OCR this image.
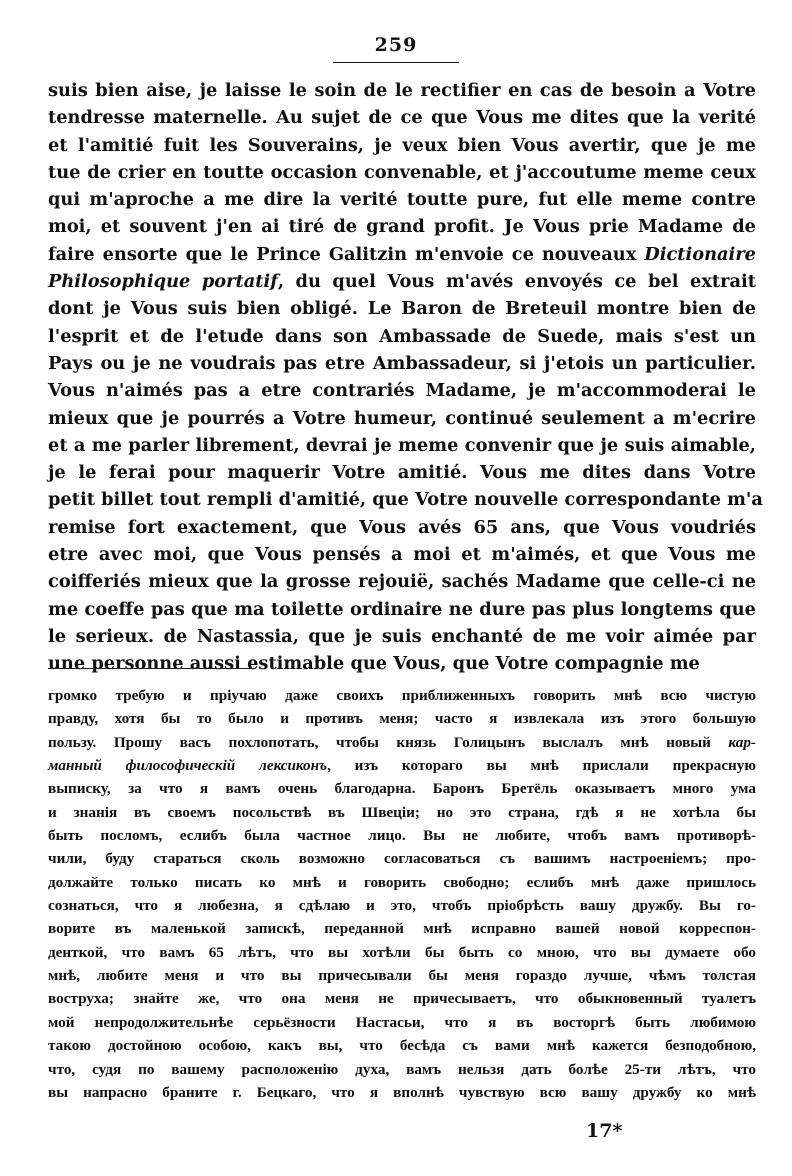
259
suis bien aise, je laisse le soin de le rectifier en cas de besoin a Votre
tendresse maternelle. Au sujet de ce que Vous me dites que la verité
et l'amitié fuit les Souverains, je veux bien Vous avertir, que je me
tue de crier en toutte occasion convenable, et j'accoutume meme ceux
qui m'aproche a me dire la verité toutte pure, fut elle meme contre
moi, et souvent j'en ai tiré de grand profit. Je Vous prie Madame de
faire ensorte que le Prince Galitzin m'envoie ce nouveaux Dictionaire
Philosophique portatif, du quel Vous m'avés envoyés ce bel extrait
dont je Vous suis bien obligé. Le Baron de Breteuil montre bien de
l'esprit et de l'etude dans son Ambassade de Suede, mais s'est un
Pays ou je ne voudrais pas etre Ambassadeur, si j'etois un particulier.
Vous n'aimés pas a etre contrariés Madame, je m'accommoderai le
mieux que je pourrés a Votre humeur, continué seulement a m'ecrire
et a me parler librement, devrai je meme convenir que je suis aimable,
je le ferai pour maquerir Votre amitié. Vous me dites dans Votre
petit billet tout rempli d'amitié, que Votre nouvelle correspondante m'a
remise fort exactement, que Vous avés 65 ans, que Vous voudriés
etre avec moi, que Vous pensés a moi et m'aimés, et que Vous me
coifferiés mieux que la grosse rejouië, sachés Madame que celle-ci ne
me coeffe pas que ma toilette ordinaire ne dure pas plus longtems que
le serieux. de Nastassia, que je suis enchanté de me voir aimée par
une personne aussi estimable que Vous, que Votre compagnie me
громко требую и пріучаю даже своихъ приближенныхъ говорить мнѣ всю чистую
правду, хотя бы то было и противъ меня; часто я извлекала изъ этого большую
пользу. Прошу васъ похлопотать, чтобы князь Голицынъ выслалъ мнѣ новый кар-
манный философическій лексиконъ, изъ котораго вы мнѣ прислали прекрасную
выписку, за что я вамъ очень благодарна. Баронъ Бретёль оказываетъ много ума
и знанія въ своемъ посольствѣ въ Швеціи; но это страна, гдѣ я не хотѣла бы
быть посломъ, еслибъ была частное лицо. Вы не любите, чтобъ вамъ противорѣ-
чили, буду стараться сколь возможно согласоваться съ вашимъ настроеніемъ; про-
должайте только писать ко мнѣ и говорить свободно; еслибъ мнѣ даже пришлось
сознаться, что я любезна, я сдѣлаю и это, чтобъ пріобрѣсть вашу дружбу. Вы го-
ворите въ маленькой запискѣ, переданной мнѣ исправно вашей новой корреспон-
денткой, что вамъ 65 лѣтъ, что вы хотѣли бы быть со мною, что вы думаете обо
мнѣ, любите меня и что вы причесывали бы меня гораздо лучше, чѣмъ толстая
воструха; знайте же, что она меня не причесываетъ, что обыкновенный туалетъ
мой непродолжительнѣе серьёзности Настасьи, что я въ восторгѣ быть любимою
такою достойною особою, какъ вы, что бесѣда съ вами мнѣ кажется безподобною,
что, судя по вашему расположенію духа, вамъ нельзя дать болѣе 25-ти лѣтъ, что
вы напрасно браните г. Бецкаго, что я вполнѣ чувствую всю вашу дружбу ко мнѣ
17*
